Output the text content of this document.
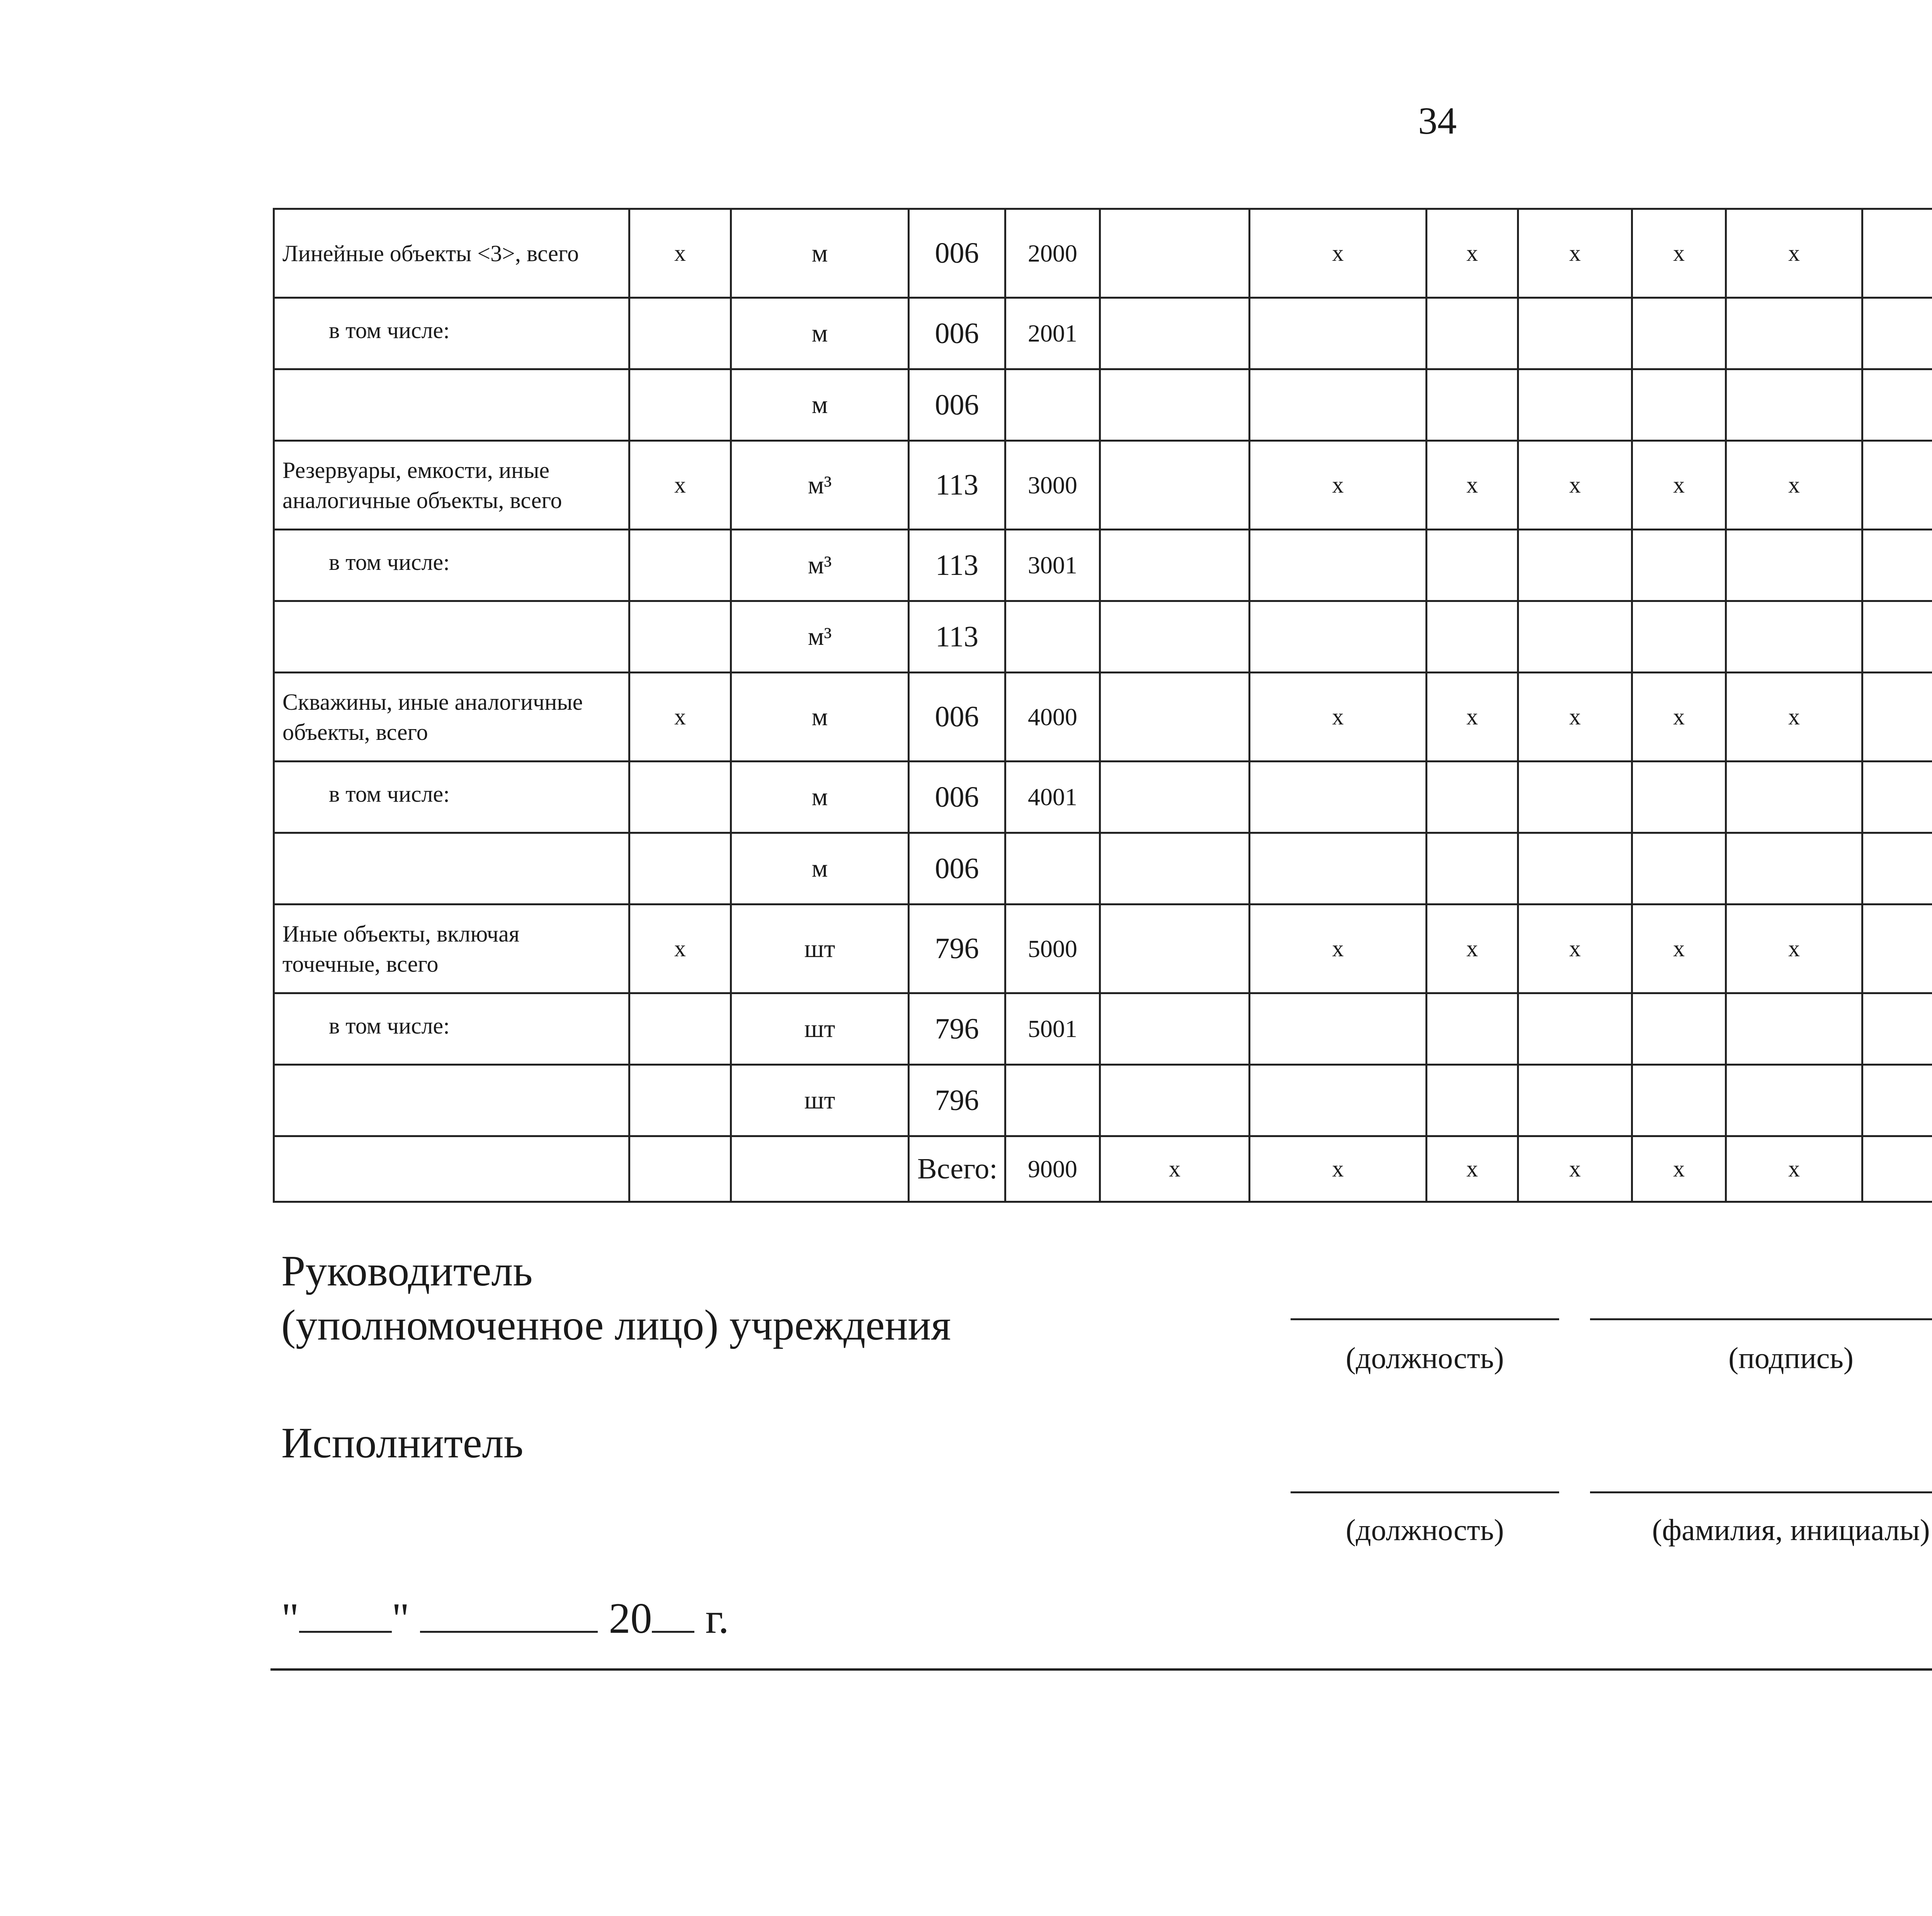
34
Линейные объекты <3>, всего	x	м	006	2000		x	x	x	x	x				
в том числе:		м	006	2001										
		м	006											
Резервуары, емкости, иные аналогичные объекты, всего	x	м³	113	3000		x	x	x	x	x				
в том числе:		м³	113	3001										
		м³	113											
Скважины, иные аналогичные объекты, всего	x	м	006	4000		x	x	x	x	x				
в том числе:		м	006	4001										
		м	006											
Иные объекты, включая точечные, всего	x	шт	796	5000		x	x	x	x	x				
в том числе:		шт	796	5001										
		шт	796											
			Всего:	9000	x	x	x	x	x	x				
Руководитель
(уполномоченное лицо) учреждения
(должность)	(подпись)
Исполнитель
(должность)	(фамилия, инициалы)
" "	20 г.
